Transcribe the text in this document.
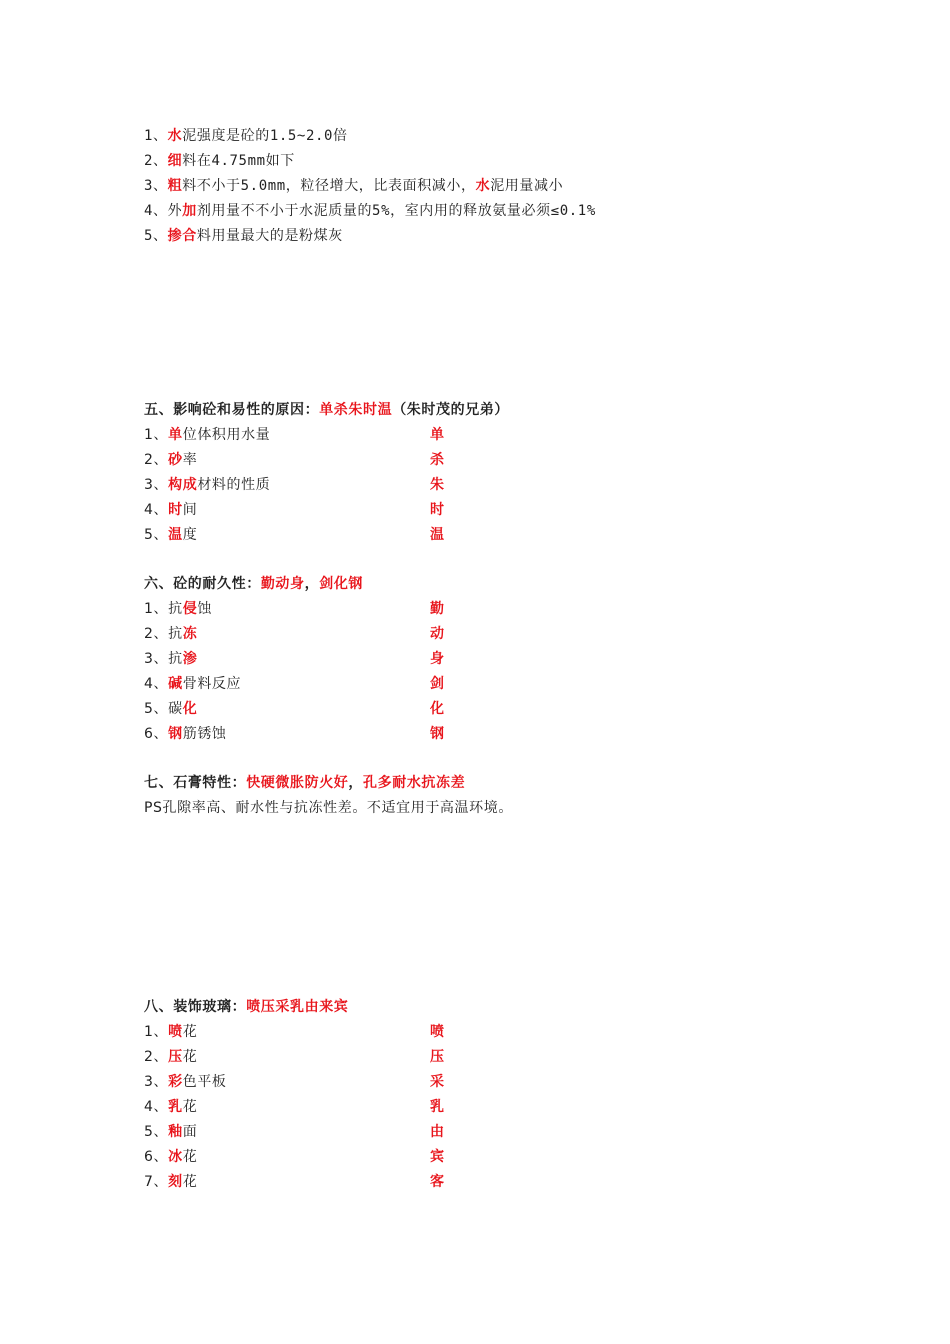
1、水泥强度是砼的1.5~2.0倍
2、细料在4.75mm如下
3、粗料不小于5.0mm，粒径增大，比表面积减小，水泥用量减小
4、外加剂用量不不小于水泥质量的5%，室内用的释放氨量必须≤0.1%
5、掺合料用量最大的是粉煤灰
五、影响砼和易性的原因：单杀朱时温（朱时茂的兄弟）
1、单位体积用水量	单
2、砂率	杀
3、构成材料的性质	朱
4、时间	时
5、温度	温
六、砼的耐久性：勤动身，剑化钢
1、抗侵蚀	勤
2、抗冻	动
3、抗渗	身
4、碱骨料反应	剑
5、碳化	化
6、钢筋锈蚀	钢
七、石膏特性：快硬微胀防火好，孔多耐水抗冻差
PS孔隙率高、耐水性与抗冻性差。不适宜用于高温环境。
八、装饰玻璃：喷压采乳由来宾
1、喷花	喷
2、压花	压
3、彩色平板	采
4、乳花	乳
5、釉面	由
6、冰花	宾
7、刻花	客
